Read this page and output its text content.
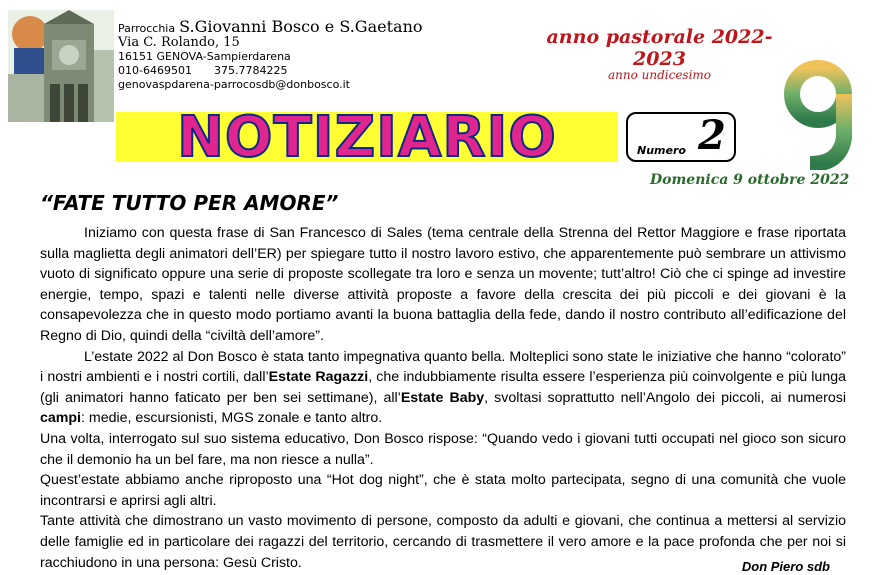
Parrocchia S.Giovanni Bosco e S.Gaetano
Via C. Rolando, 15
16151 GENOVA-Sampierdarena
010-6469501 375.7784225
genovaspdarena-parrocosdb@donbosco.it
anno pastorale 2022-2023
anno undicesimo
NOTIZIARIO	Numero 2
Domenica 9 ottobre 2022
“FATE TUTTO PER AMORE”

Iniziamo con questa frase di San Francesco di Sales (tema centrale della Strenna del Rettor Maggiore e frase riportata sulla maglietta degli animatori dell’ER) per spiegare tutto il nostro lavoro estivo, che apparentemente può sembrare un attivismo vuoto di significato oppure una serie di proposte scollegate tra loro e senza un movente; tutt’altro! Ciò che ci spinge ad investire energie, tempo, spazi e talenti nelle diverse attività proposte a favore della crescita dei più piccoli e dei giovani è la consapevolezza che in questo modo portiamo avanti la buona battaglia della fede, dando il nostro contributo all’edificazione del Regno di Dio, quindi della “civiltà dell’amore”.

L’estate 2022 al Don Bosco è stata tanto impegnativa quanto bella. Molteplici sono state le iniziative che hanno “colorato” i nostri ambienti e i nostri cortili, dall’Estate Ragazzi, che indubbiamente risulta essere l’esperienza più coinvolgente e più lunga (gli animatori hanno faticato per ben sei settimane), all’Estate Baby, svoltasi soprattutto nell’Angolo dei piccoli, ai numerosi campi: medie, escursionisti, MGS zonale e tanto altro.

Una volta, interrogato sul suo sistema educativo, Don Bosco rispose: “Quando vedo i giovani tutti occupati nel gioco son sicuro che il demonio ha un bel fare, ma non riesce a nulla”.

Quest’estate abbiamo anche riproposto una “Hot dog night”, che è stata molto partecipata, segno di una comunità che vuole incontrarsi e aprirsi agli altri.

Tante attività che dimostrano un vasto movimento di persone, composto da adulti e giovani, che continua a mettersi al servizio delle famiglie ed in particolare dei ragazzi del territorio, cercando di trasmettere il vero amore e la pace profonda che per noi si racchiudono in una persona: Gesù Cristo.	Don Piero sdb
